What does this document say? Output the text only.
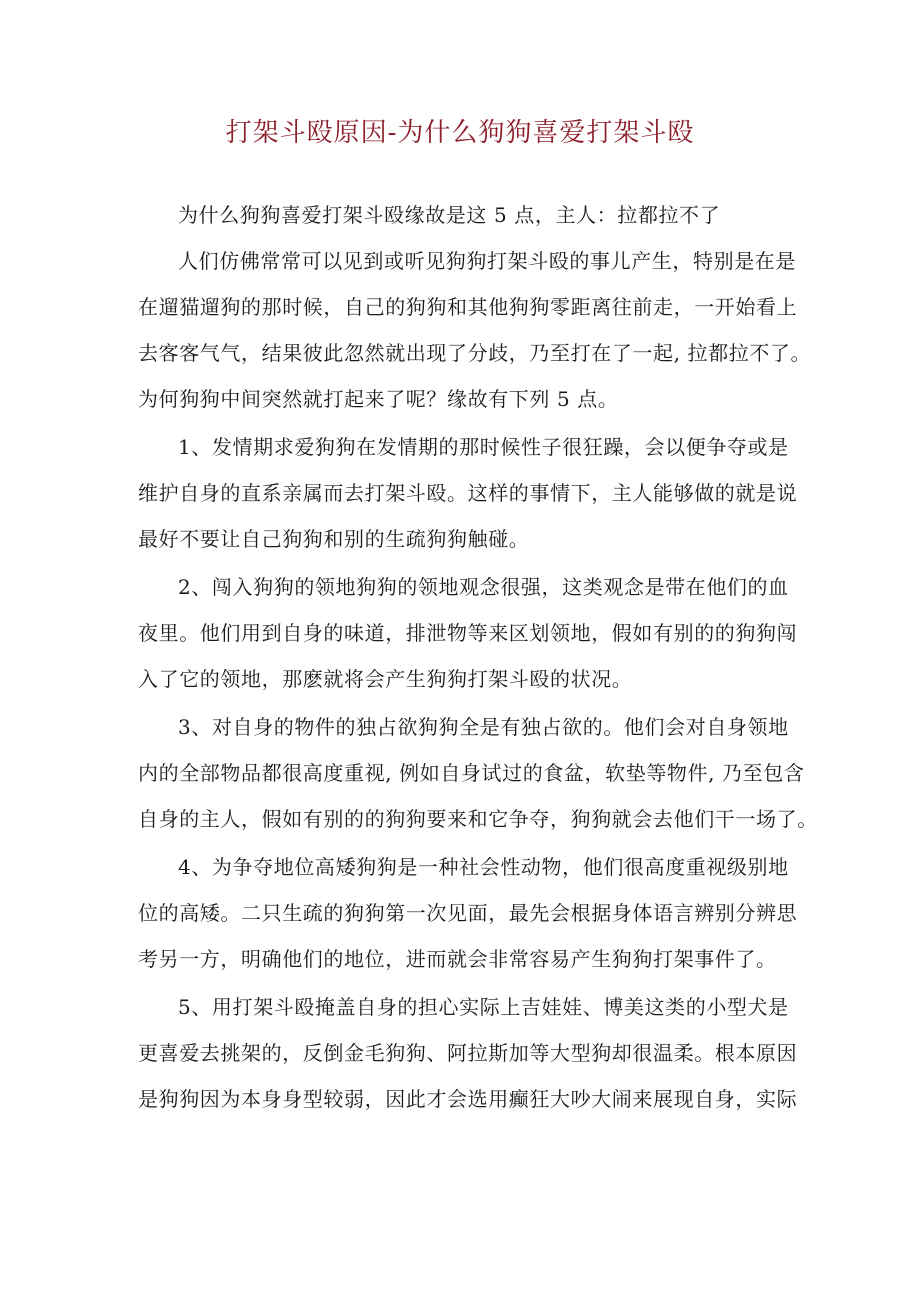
打架斗殴原因-为什么狗狗喜爱打架斗殴
为什么狗狗喜爱打架斗殴缘故是这 5 点，主人：拉都拉不了
人们仿佛常常可以见到或听见狗狗打架斗殴的事儿产生，特别是在是
在遛猫遛狗的那时候，自己的狗狗和其他狗狗零距离往前走，一开始看上
去客客气气，结果彼此忽然就出现了分歧，乃至打在了一起, 拉都拉不了。
为何狗狗中间突然就打起来了呢？缘故有下列 5 点。
1、发情期求爱狗狗在发情期的那时候性子很狂躁，会以便争夺或是
维护自身的直系亲属而去打架斗殴。这样的事情下，主人能够做的就是说
最好不要让自己狗狗和别的生疏狗狗触碰。
2、闯入狗狗的领地狗狗的领地观念很强，这类观念是带在他们的血
夜里。他们用到自身的味道，排泄物等来区划领地，假如有别的的狗狗闯
入了它的领地，那麽就将会产生狗狗打架斗殴的状况。
3、对自身的物件的独占欲狗狗全是有独占欲的。他们会对自身领地
内的全部物品都很高度重视, 例如自身试过的食盆，软垫等物件, 乃至包含
自身的主人，假如有别的的狗狗要来和它争夺，狗狗就会去他们干一场了。
4、为争夺地位高矮狗狗是一种社会性动物，他们很高度重视级别地
位的高矮。二只生疏的狗狗第一次见面，最先会根据身体语言辨别分辨思
考另一方，明确他们的地位，进而就会非常容易产生狗狗打架事件了。
5、用打架斗殴掩盖自身的担心实际上吉娃娃、博美这类的小型犬是
更喜爱去挑架的，反倒金毛狗狗、阿拉斯加等大型狗却很温柔。根本原因
是狗狗因为本身身型较弱，因此才会选用癫狂大吵大闹来展现自身，实际
